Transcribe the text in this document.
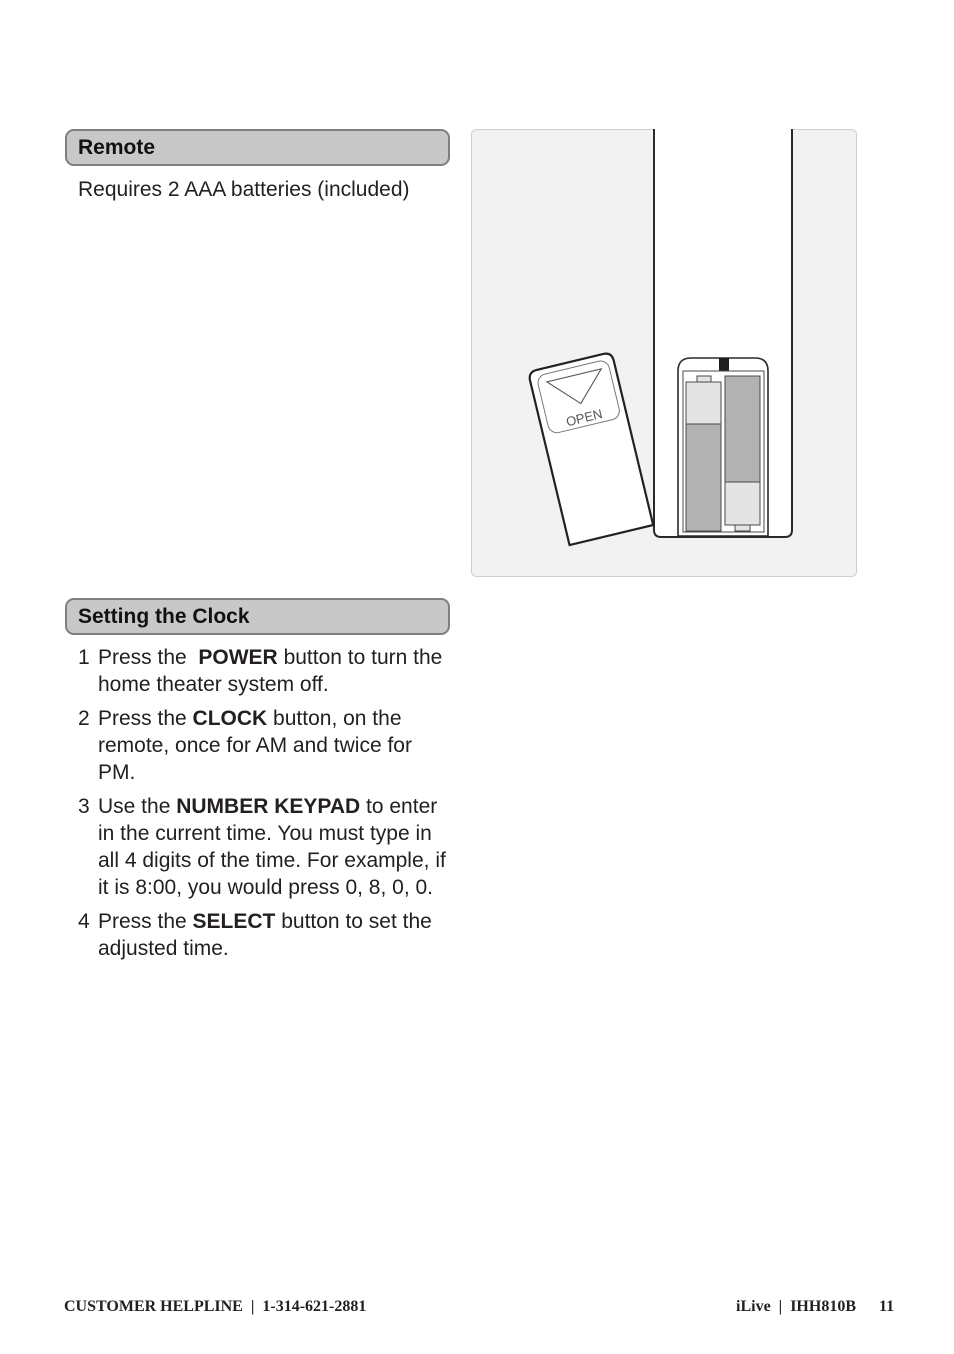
Remote
Requires 2 AAA batteries (included)
OPEN
Setting the Clock
1 Press the  POWER button to turn the
home theater system off.
2 Press the CLOCK button, on the
remote, once for AM and twice for
PM.
3 Use the NUMBER KEYPAD to enter
in the current time. You must type in
all 4 digits of the time. For example, if
it is 8:00, you would press 0, 8, 0, 0.
4 Press the SELECT button to set the
adjusted time.
CUSTOMER HELPLINE | 1-314-621-2881	iLive | IHH810B 11
